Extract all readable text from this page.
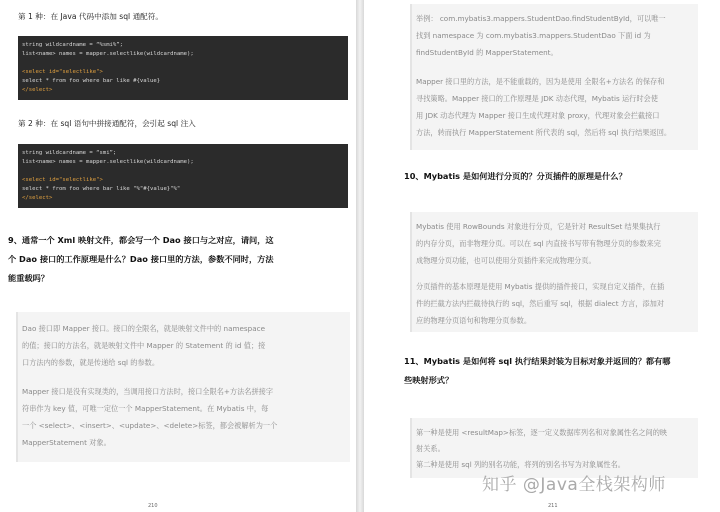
第 1 种：在 Java 代码中添加 sql 通配符。
string wildcardname = “%smi%”;
list<name> names = mapper.selectlike(wildcardname);
<select id="selectlike">
select * from foo where bar like #{value}
</select>
第 2 种：在 sql 语句中拼接通配符，会引起 sql 注入
string wildcardname = “smi”;
list<name> names = mapper.selectlike(wildcardname);
<select id="selectlike">
select * from foo where bar like "%"#{value}"%"
</select>
9、通常一个 Xml 映射文件，都会写一个 Dao 接口与之对应，请问，这
个 Dao 接口的工作原理是什么？Dao 接口里的方法，参数不同时，方法
能重载吗？
Dao 接口即 Mapper 接口。接口的全限名，就是映射文件中的 namespace
的值；接口的方法名，就是映射文件中 Mapper 的 Statement 的 id 值；接
口方法内的参数，就是传递给 sql 的参数。
Mapper 接口是没有实现类的，当调用接口方法时，接口全限名+方法名拼接字
符串作为 key 值，可唯一定位一个 MapperStatement。在 Mybatis 中，每
一个 <select>、<insert>、<update>、<delete>标签，都会被解析为一个
MapperStatement 对象。
210
举例： com.mybatis3.mappers.StudentDao.findStudentById，可以唯一
找到 namespace 为 com.mybatis3.mappers.StudentDao 下面 id 为
findStudentById 的 MapperStatement。
Mapper 接口里的方法，是不能重载的，因为是使用 全限名+方法名 的保存和
寻找策略。Mapper 接口的工作原理是 JDK 动态代理，Mybatis 运行时会使
用 JDK 动态代理为 Mapper 接口生成代理对象 proxy，代理对象会拦截接口
方法，转而执行 MapperStatement 所代表的 sql，然后将 sql 执行结果返回。
10、Mybatis 是如何进行分页的？分页插件的原理是什么？
Mybatis 使用 RowBounds 对象进行分页，它是针对 ResultSet 结果集执行
的内存分页，而非物理分页。可以在 sql 内直接书写带有物理分页的参数来完
成物理分页功能，也可以使用分页插件来完成物理分页。
分页插件的基本原理是使用 Mybatis 提供的插件接口，实现自定义插件，在插
件的拦截方法内拦截待执行的 sql，然后重写 sql，根据 dialect 方言，添加对
应的物理分页语句和物理分页参数。
11、Mybatis 是如何将 sql 执行结果封装为目标对象并返回的？都有哪
些映射形式？
第一种是使用 <resultMap>标签，逐一定义数据库列名和对象属性名之间的映
射关系。
第二种是使用 sql 列的别名功能，将列的别名书写为对象属性名。
211
知乎 @Java全栈架构师
